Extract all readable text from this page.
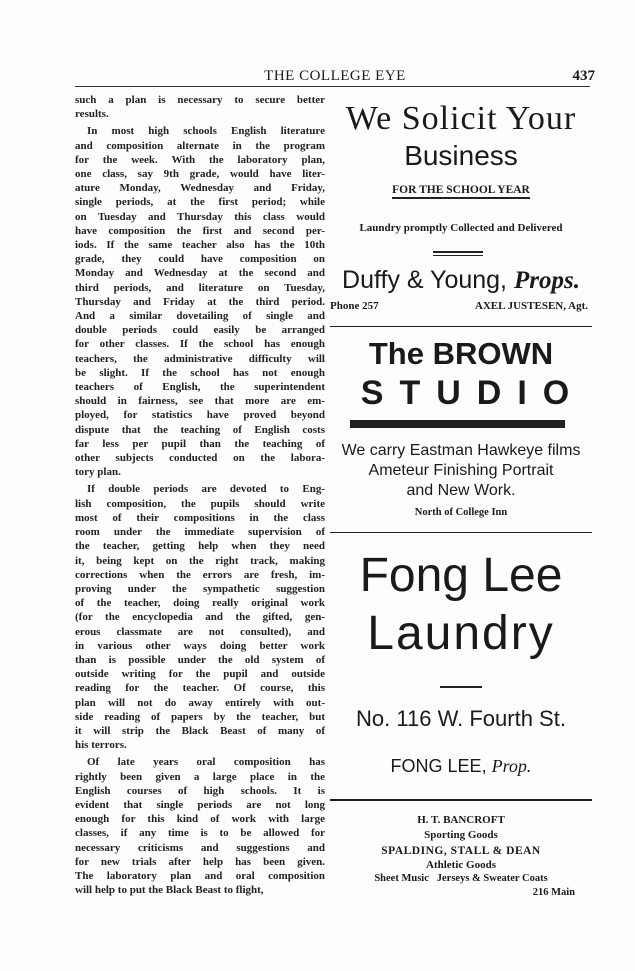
THE COLLEGE EYE	437
such a plan is necessary to secure better
results.
In most high schools English literature
and composition alternate in the program
for the week. With the laboratory plan,
one class, say 9th grade, would have liter-
ature Monday, Wednesday and Friday,
single periods, at the first period; while
on Tuesday and Thursday this class would
have composition the first and second per-
iods. If the same teacher also has the 10th
grade, they could have composition on
Monday and Wednesday at the second and
third periods, and literature on Tuesday,
Thursday and Friday at the third period.
And a similar dovetailing of single and
double periods could easily be arranged
for other classes. If the school has enough
teachers, the administrative difficulty will
be slight. If the school has not enough
teachers of English, the superintendent
should in fairness, see that more are em-
ployed, for statistics have proved beyond
dispute that the teaching of English costs
far less per pupil than the teaching of
other subjects conducted on the labora-
tory plan.
If double periods are devoted to Eng-
lish composition, the pupils should write
most of their compositions in the class
room under the immediate supervision of
the teacher, getting help when they need
it, being kept on the right track, making
corrections when the errors are fresh, im-
proving under the sympathetic suggestion
of the teacher, doing really original work
(for the encyclopedia and the gifted, gen-
erous classmate are not consulted), and
in various other ways doing better work
than is possible under the old system of
outside writing for the pupil and outside
reading for the teacher. Of course, this
plan will not do away entirely with out-
side reading of papers by the teacher, but
it will strip the Black Beast of many of
his terrors.
Of late years oral composition has
rightly been given a large place in the
English courses of high schools. It is
evident that single periods are not long
enough for this kind of work with large
classes, if any time is to be allowed for
necessary criticisms and suggestions and
for new trials after help has been given.
The laboratory plan and oral composition
will help to put the Black Beast to flight,
We Solicit Your
Business
FOR THE SCHOOL YEAR
Laundry promptly Collected and Delivered
Duffy & Young, Props.
Phone 257	AXEL JUSTESEN, Agt.
The BROWN
STUDIO
We carry Eastman Hawkeye films
Ameteur Finishing Portrait
and New Work.
North of College Inn
Fong Lee
Laundry
No. 116 W. Fourth St.
FONG LEE, Prop.
H. T. BANCROFT
Sporting Goods
SPALDING, STALL & DEAN
Athletic Goods
Sheet Music Jerseys & Sweater Coats
216 Main
